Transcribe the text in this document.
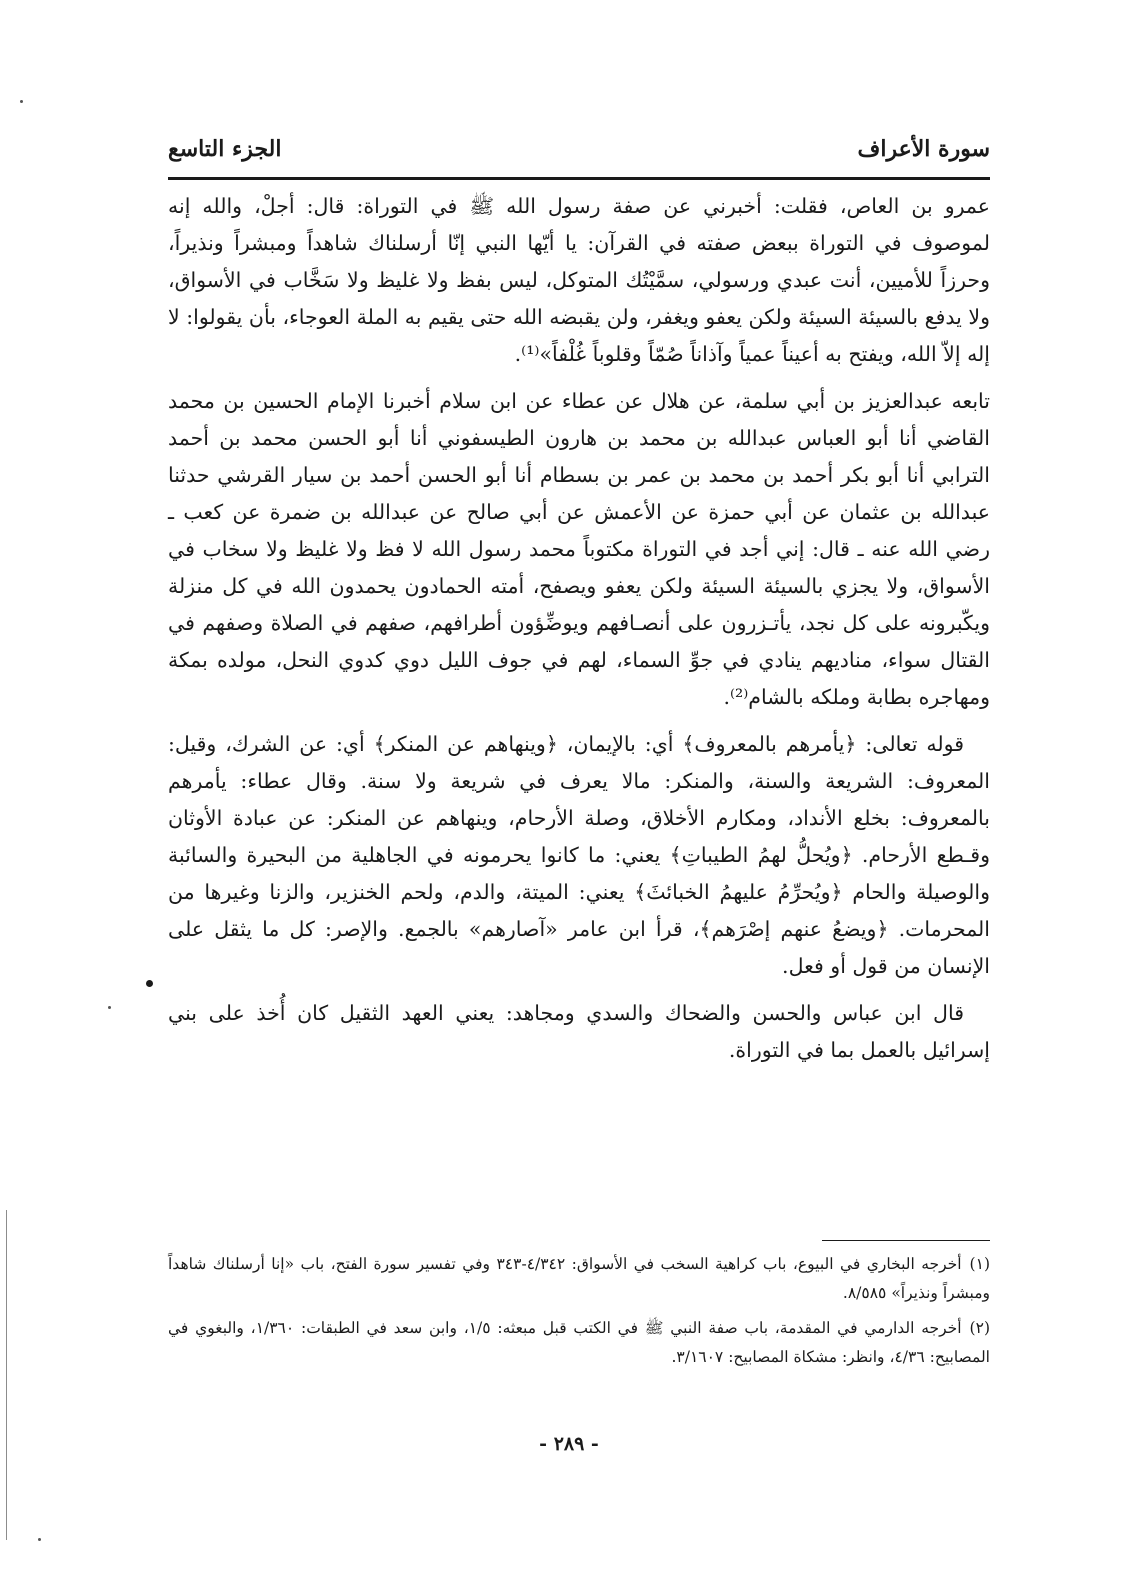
سورة الأعراف
الجزء التاسع

عمرو بن العاص، فقلت: أخبرني عن صفة رسول الله ﷺ في التوراة: قال: أجلْ، والله إنه لموصوف في التوراة ببعض صفته في القرآن: يا أيّها النبي إنّا أرسلناك شاهداً ومبشراً ونذيراً، وحرزاً للأميين، أنت عبدي ورسولي، سمَّيْتُك المتوكل، ليس بفظ ولا غليظ ولا سَخَّاب في الأسواق، ولا يدفع بالسيئة السيئة ولكن يعفو ويغفر، ولن يقبضه الله حتى يقيم به الملة العوجاء، بأن يقولوا: لا إله إلاّ الله، ويفتح به أعيناً عمياً وآذاناً صُمّاً وقلوباً غُلْفاً»⁽¹⁾.

تابعه عبدالعزيز بن أبي سلمة، عن هلال عن عطاء عن ابن سلام أخبرنا الإمام الحسين بن محمد القاضي أنا أبو العباس عبدالله بن محمد بن هارون الطيسفوني أنا أبو الحسن محمد بن أحمد الترابي أنا أبو بكر أحمد بن محمد بن عمر بن بسطام أنا أبو الحسن أحمد بن سيار القرشي حدثنا عبدالله بن عثمان عن أبي حمزة عن الأعمش عن أبي صالح عن عبدالله بن ضمرة عن كعب ـ رضي الله عنه ـ قال: إني أجد في التوراة مكتوباً محمد رسول الله لا فظ ولا غليظ ولا سخاب في الأسواق، ولا يجزي بالسيئة السيئة ولكن يعفو ويصفح، أمته الحمادون يحمدون الله في كل منزلة ويكّبرونه على كل نجد، يأتـزرون على أنصـافهم ويوضِّؤون أطرافهم، صفهم في الصلاة وصفهم في القتال سواء، مناديهم ينادي في جوِّ السماء، لهم في جوف الليل دوي كدوي النحل، مولده بمكة ومهاجره بطابة وملكه بالشام⁽²⁾.

قوله تعالى: ﴿يأمرهم بالمعروف﴾ أي: بالإيمان، ﴿وينهاهم عن المنكر﴾ أي: عن الشرك، وقيل: المعروف: الشريعة والسنة، والمنكر: مالا يعرف في شريعة ولا سنة. وقال عطاء: يأمرهم بالمعروف: بخلع الأنداد، ومكارم الأخلاق، وصلة الأرحام، وينهاهم عن المنكر: عن عبادة الأوثان وقـطع الأرحام. ﴿ويُحلُّ لهمُ الطيباتِ﴾ يعني: ما كانوا يحرمونه في الجاهلية من البحيرة والسائبة والوصيلة والحام ﴿ويُحرِّمُ عليهمُ الخبائثَ﴾ يعني: الميتة، والدم، ولحم الخنزير، والزنا وغيرها من المحرمات. ﴿ويضعُ عنهم إصْرَهم﴾، قرأ ابن عامر «آصارهم» بالجمع. والإصر: كل ما يثقل على الإنسان من قول أو فعل.

قال ابن عباس والحسن والضحاك والسدي ومجاهد: يعني العهد الثقيل كان أُخذ على بني إسرائيل بالعمل بما في التوراة.

(١)أخرجه البخاري في البيوع، باب كراهية السخب في الأسواق: ٤/٣٤٢-٣٤٣ وفي تفسير سورة الفتح، باب «إنا أرسلناك شاهداً ومبشراً ونذيراً» ٨/٥٨٥.

(٢)أخرجه الدارمي في المقدمة، باب صفة النبي ﷺ في الكتب قبل مبعثه: ١/٥، وابن سعد في الطبقات: ١/٣٦٠، والبغوي في المصابيح: ٤/٣٦، وانظر: مشكاة المصابيح: ٣/١٦٠٧.

- ٢٨٩ -
